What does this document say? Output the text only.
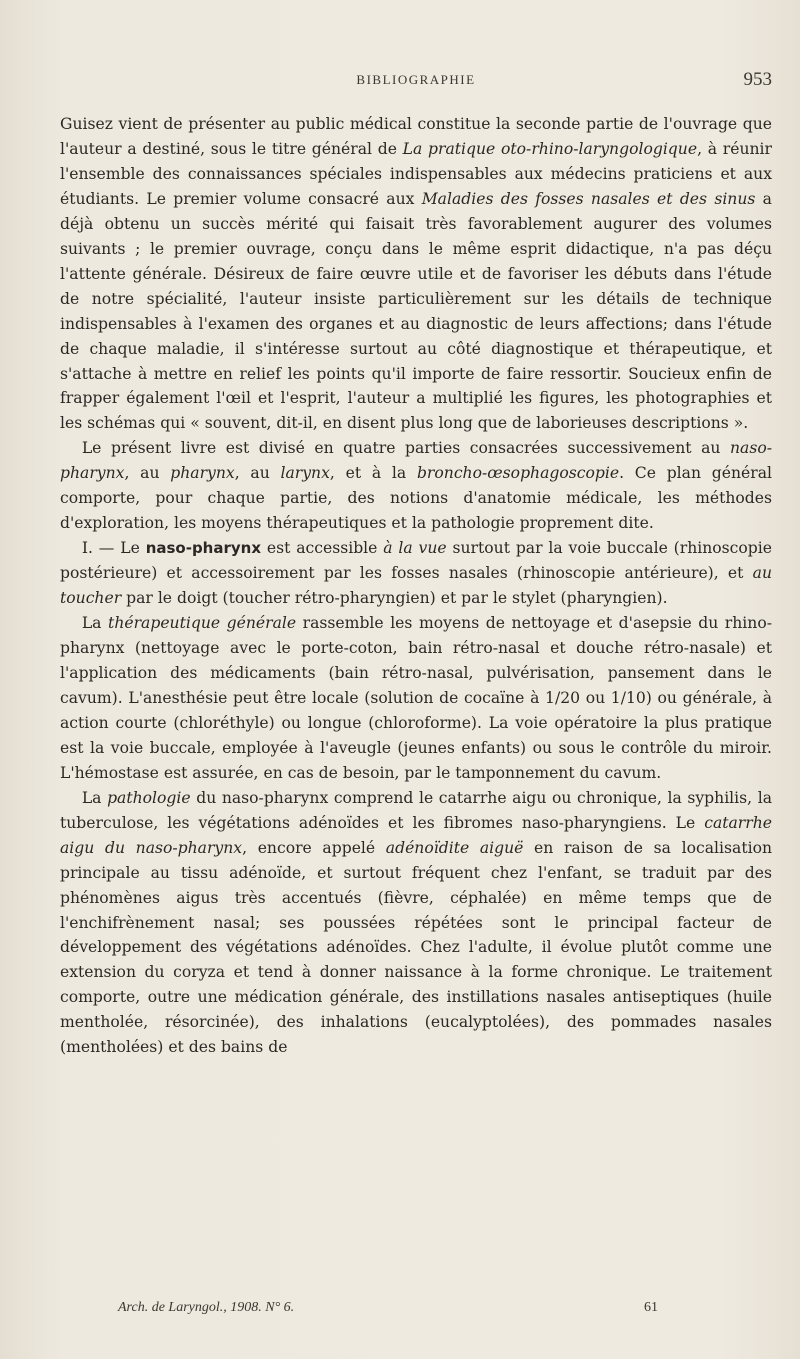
BIBLIOGRAPHIE	953

Guisez vient de présenter au public médical constitue la seconde partie de l'ouvrage que l'auteur a destiné, sous le titre général de La pratique oto-rhino-laryngologique, à réunir l'ensemble des connaissances spéciales indispensables aux médecins praticiens et aux étudiants. Le premier volume consacré aux Maladies des fosses nasales et des sinus a déjà obtenu un succès mérité qui faisait très favorablement augurer des volumes suivants ; le premier ouvrage, conçu dans le même esprit didactique, n'a pas déçu l'attente générale. Désireux de faire œuvre utile et de favoriser les débuts dans l'étude de notre spécialité, l'auteur insiste particulièrement sur les détails de technique indispensables à l'examen des organes et au diagnostic de leurs affections; dans l'étude de chaque maladie, il s'intéresse surtout au côté diagnostique et thérapeutique, et s'attache à mettre en relief les points qu'il importe de faire ressortir. Soucieux enfin de frapper également l'œil et l'esprit, l'auteur a multiplié les figures, les photographies et les schémas qui « souvent, dit-il, en disent plus long que de laborieuses descriptions ».

Le présent livre est divisé en quatre parties consacrées successivement au naso-pharynx, au pharynx, au larynx, et à la broncho-œsophagoscopie. Ce plan général comporte, pour chaque partie, des notions d'anatomie médicale, les méthodes d'exploration, les moyens thérapeutiques et la pathologie proprement dite.

I. — Le naso-pharynx est accessible à la vue surtout par la voie buccale (rhinoscopie postérieure) et accessoirement par les fosses nasales (rhinoscopie antérieure), et au toucher par le doigt (toucher rétro-pharyngien) et par le stylet (pharyngien).

La thérapeutique générale rassemble les moyens de nettoyage et d'asepsie du rhino-pharynx (nettoyage avec le porte-coton, bain rétro-nasal et douche rétro-nasale) et l'application des médicaments (bain rétro-nasal, pulvérisation, pansement dans le cavum). L'anesthésie peut être locale (solution de cocaïne à 1/20 ou 1/10) ou générale, à action courte (chloréthyle) ou longue (chloroforme). La voie opératoire la plus pratique est la voie buccale, employée à l'aveugle (jeunes enfants) ou sous le contrôle du miroir. L'hémostase est assurée, en cas de besoin, par le tamponnement du cavum.

La pathologie du naso-pharynx comprend le catarrhe aigu ou chronique, la syphilis, la tuberculose, les végétations adénoïdes et les fibromes naso-pharyngiens. Le catarrhe aigu du naso-pharynx, encore appelé adénoïdite aiguë en raison de sa localisation principale au tissu adénoïde, et surtout fréquent chez l'enfant, se traduit par des phénomènes aigus très accentués (fièvre, céphalée) en même temps que de l'enchifrènement nasal; ses poussées répétées sont le principal facteur de développement des végétations adénoïdes. Chez l'adulte, il évolue plutôt comme une extension du coryza et tend à donner naissance à la forme chronique. Le traitement comporte, outre une médication générale, des instillations nasales antiseptiques (huile mentholée, résorcinée), des inhalations (eucalyptolées), des pommades nasales (mentholées) et des bains de

Arch. de Laryngol., 1908. N° 6.	61
